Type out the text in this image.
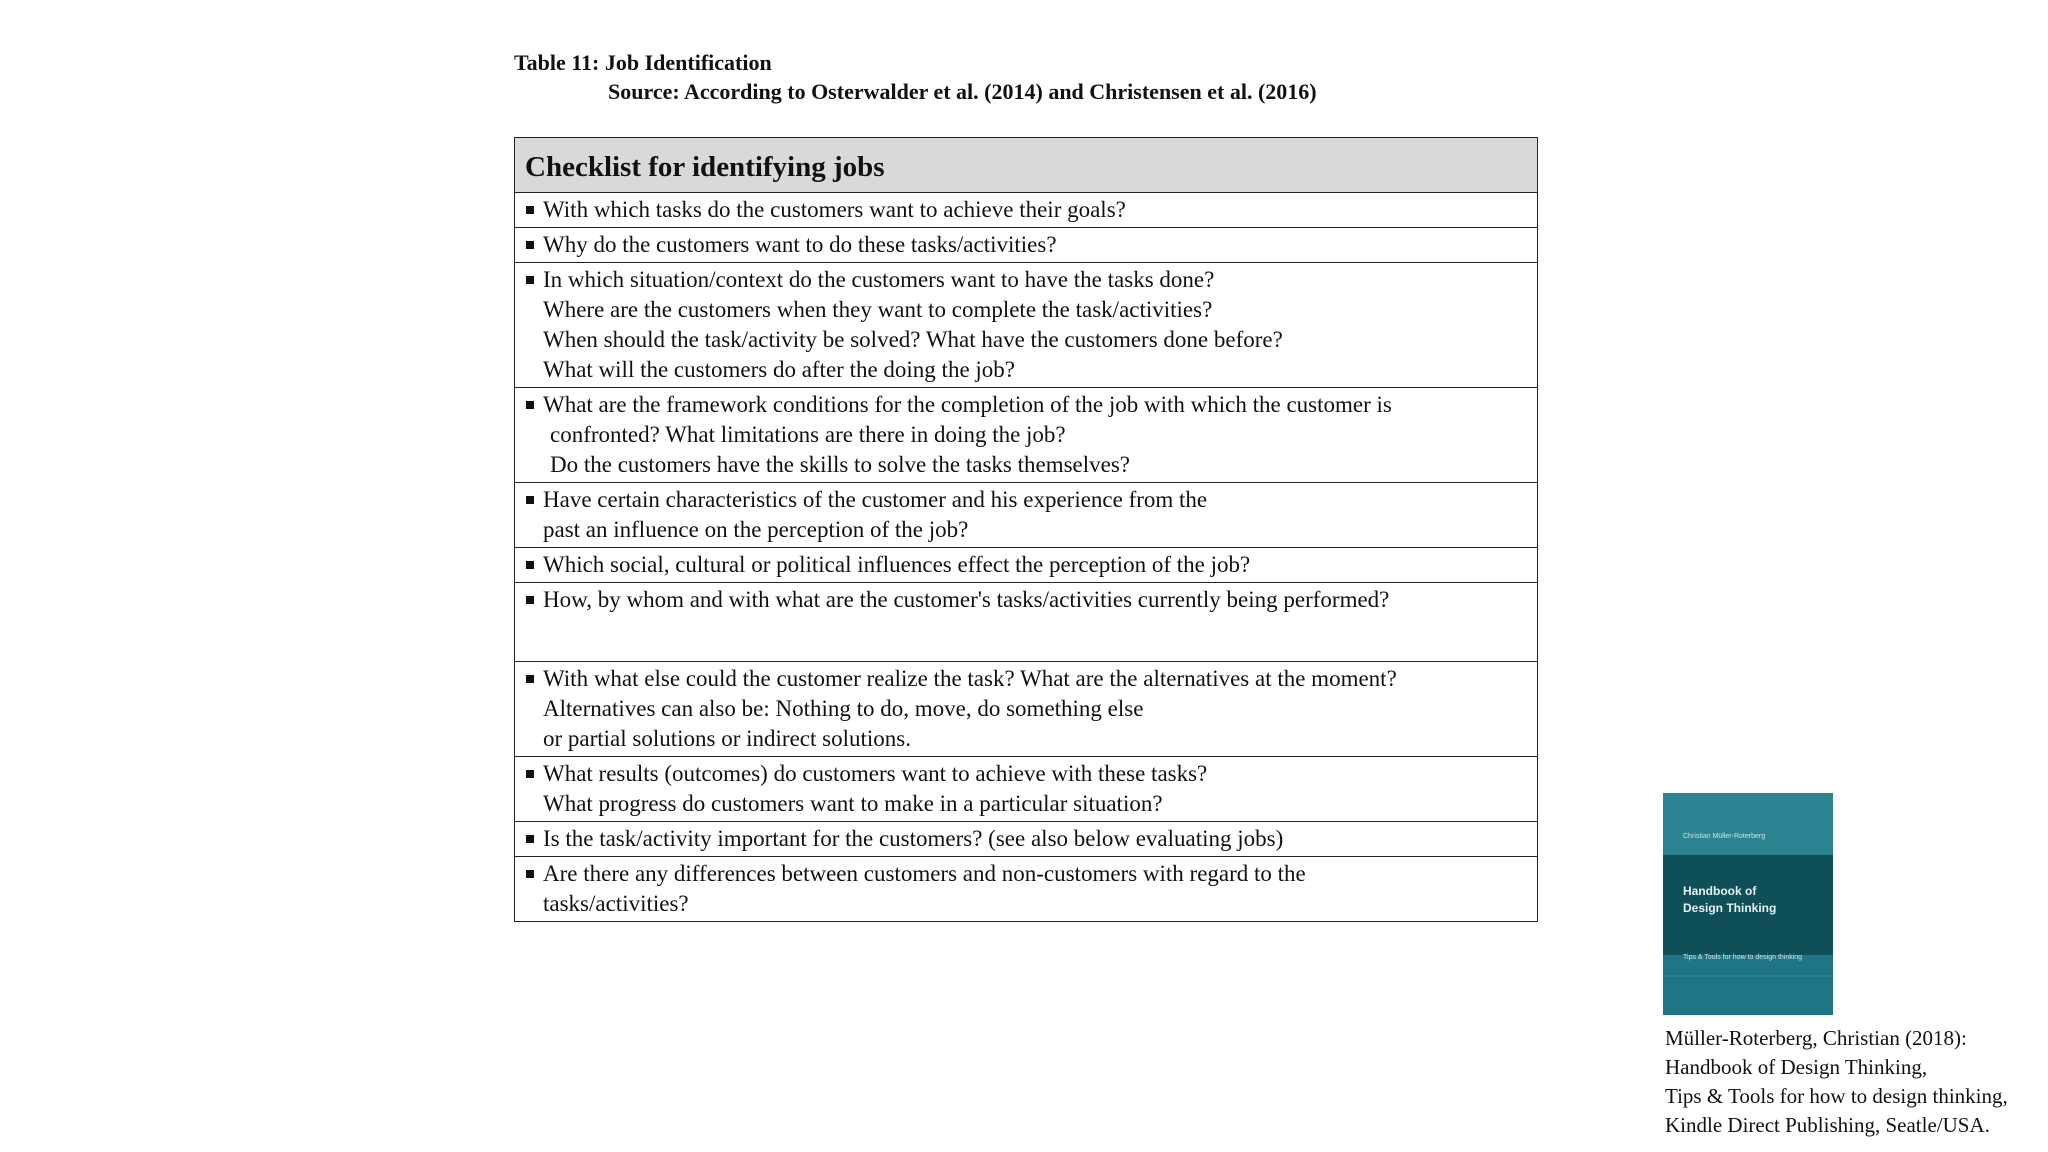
Table 11: Job Identification
Source: According to Osterwalder et al. (2014) and Christensen et al. (2016)
Checklist for identifying jobs

With which tasks do the customers want to achieve their goals?

Why do the customers want to do these tasks/activities?

In which situation/context do the customers want to have the tasks done?
Where are the customers when they want to complete the task/activities?
When should the task/activity be solved? What have the customers done before?
What will the customers do after the doing the job?

What are the framework conditions for the completion of the job with which the customer is
confronted? What limitations are there in doing the job?
Do the customers have the skills to solve the tasks themselves?

Have certain characteristics of the customer and his experience from the
past an influence on the perception of the job?

Which social, cultural or political influences effect the perception of the job?

How, by whom and with what are the customer's tasks/activities currently being performed?

With what else could the customer realize the task? What are the alternatives at the moment?
Alternatives can also be: Nothing to do, move, do something else
or partial solutions or indirect solutions.

What results (outcomes) do customers want to achieve with these tasks?
What progress do customers want to make in a particular situation?

Is the task/activity important for the customers? (see also below evaluating jobs)

Are there any differences between customers and non-customers with regard to the
tasks/activities?
Christian Müller-Roterberg
Handbook of
Design Thinking
Tips & Tools for how to design thinking
Müller-Roterberg, Christian (2018):
Handbook of Design Thinking,
Tips & Tools for how to design thinking,
Kindle Direct Publishing, Seatle/USA.
